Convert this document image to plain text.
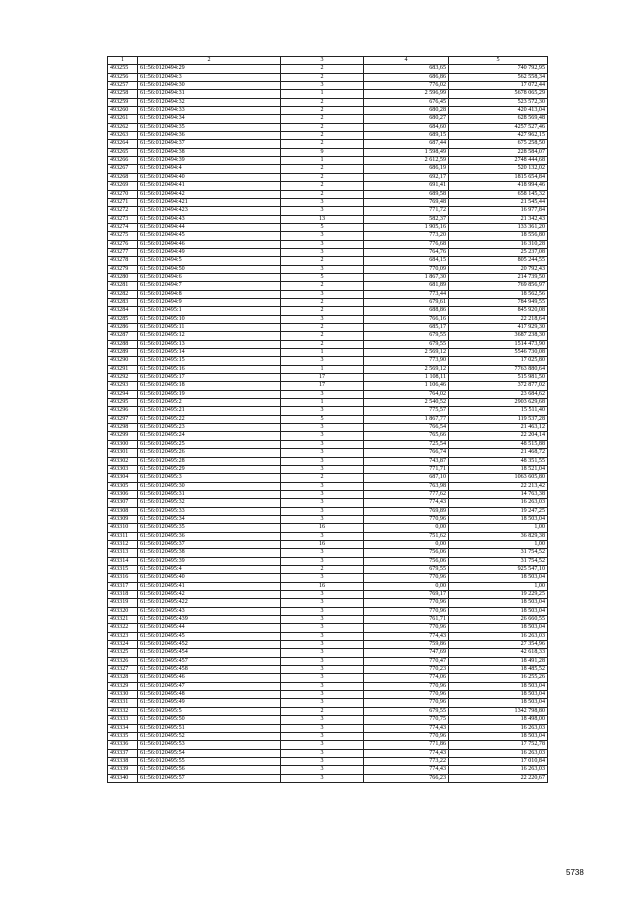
1	2	3	4	5
493255	61:56:0120494:29	2	683,65	740 792,95
493256	61:56:0120494:3	2	686,86	562 558,34
493257	61:56:0120494:30	3	776,02	17 072,44
493258	61:56:0120494:31	1	2 596,99	5678 065,29
493259	61:56:0120494:32	2	676,45	523 572,30
493260	61:56:0120494:33	2	680,28	420 413,04
493261	61:56:0120494:34	2	680,27	628 569,48
493262	61:56:0120494:35	2	684,60	4257 527,46
493263	61:56:0120494:36	2	689,15	427 962,15
493264	61:56:0120494:37	2	687,44	675 258,50
493265	61:56:0120494:38	9	1 598,49	228 584,07
493266	61:56:0120494:39	1	2 612,59	2748 444,68
493267	61:56:0120494:4	2	686,19	520 132,02
493268	61:56:0120494:40	2	692,17	1815 654,84
493269	61:56:0120494:41	2	691,41	418 994,46
493270	61:56:0120494:42	2	689,58	658 145,32
493271	61:56:0120494:421	3	769,48	21 545,44
493272	61:56:0120494:423	3	771,72	16 977,84
493273	61:56:0120494:43	13	582,37	21 342,43
493274	61:56:0120494:44	5	1 905,16	133 361,20
493275	61:56:0120494:45	3	773,20	18 556,80
493276	61:56:0120494:46	3	776,68	16 310,28
493277	61:56:0120494:49	3	764,76	25 237,08
493278	61:56:0120494:5	2	684,15	805 244,55
493279	61:56:0120494:50	3	770,09	20 792,43
493280	61:56:0120494:6	5	1 867,30	214 739,50
493281	61:56:0120494:7	2	681,89	769 856,97
493282	61:56:0120494:8	3	773,44	18 562,56
493283	61:56:0120494:9	2	679,61	784 949,55
493284	61:56:0120495:1	2	688,86	845 920,08
493285	61:56:0120495:10	3	766,16	22 218,64
493286	61:56:0120495:11	2	685,17	417 929,30
493287	61:56:0120495:12	2	679,55	3687 238,30
493288	61:56:0120495:13	2	679,55	1514 473,90
493289	61:56:0120495:14	1	2 569,12	5546 730,08
493290	61:56:0120495:15	3	773,90	17 025,80
493291	61:56:0120495:16	1	2 569,12	7763 880,64
493292	61:56:0120495:17	17	1 108,11	515 981,50
493293	61:56:0120495:18	17	1 106,46	372 877,02
493294	61:56:0120495:19	3	764,02	23 684,62
493295	61:56:0120495:2	1	2 540,52	2903 629,68
493296	61:56:0120495:21	3	775,57	15 511,40
493297	61:56:0120495:22	5	1 867,77	119 537,28
493298	61:56:0120495:23	3	766,54	21 463,12
493299	61:56:0120495:24	3	765,66	22 204,14
493300	61:56:0120495:25	3	725,54	48 515,88
493301	61:56:0120495:26	3	766,74	21 468,72
493302	61:56:0120495:28	3	743,87	48 351,55
493303	61:56:0120495:29	3	771,71	18 521,04
493304	61:56:0120495:3	2	687,10	1063 605,80
493305	61:56:0120495:30	3	763,98	22 213,42
493306	61:56:0120495:31	3	777,62	14 763,38
493307	61:56:0120495:32	3	774,43	16 263,03
493308	61:56:0120495:33	3	769,89	19 247,25
493309	61:56:0120495:34	3	770,96	18 503,04
493310	61:56:0120495:35	16	0,00	1,00
493311	61:56:0120495:36	3	751,62	36 829,38
493312	61:56:0120495:37	16	0,00	1,00
493313	61:56:0120495:38	3	756,06	31 754,52
493314	61:56:0120495:39	3	756,06	31 754,52
493315	61:56:0120495:4	2	679,55	925 547,10
493316	61:56:0120495:40	3	770,96	18 503,04
493317	61:56:0120495:41	16	0,00	1,00
493318	61:56:0120495:42	3	769,17	19 229,25
493319	61:56:0120495:422	3	770,96	18 503,04
493320	61:56:0120495:43	3	770,96	18 503,04
493321	61:56:0120495:439	3	761,71	26 660,55
493322	61:56:0120495:44	3	770,96	18 503,04
493323	61:56:0120495:45	3	774,43	16 263,03
493324	61:56:0120495:452	3	759,86	27 354,96
493325	61:56:0120495:454	3	747,69	42 618,33
493326	61:56:0120495:457	3	770,47	18 491,28
493327	61:56:0120495:458	3	770,23	18 485,52
493328	61:56:0120495:46	3	774,06	16 255,26
493329	61:56:0120495:47	3	770,96	18 503,04
493330	61:56:0120495:48	3	770,96	18 503,04
493331	61:56:0120495:49	3	770,96	18 503,04
493332	61:56:0120495:5	2	679,55	1342 798,80
493333	61:56:0120495:50	3	770,75	18 498,00
493334	61:56:0120495:51	3	774,43	16 263,03
493335	61:56:0120495:52	3	770,96	18 503,04
493336	61:56:0120495:53	3	771,86	17 752,78
493337	61:56:0120495:54	3	774,43	16 263,03
493338	61:56:0120495:55	3	773,22	17 010,84
493339	61:56:0120495:56	3	774,43	16 263,03
493340	61:56:0120495:57	3	766,23	22 220,67
5738
